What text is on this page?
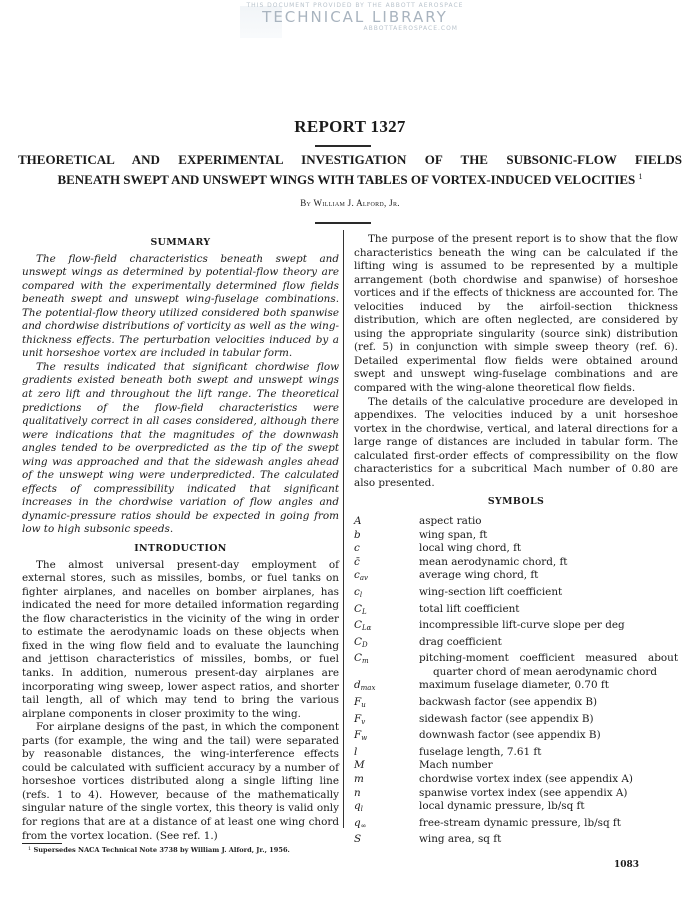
THIS DOCUMENT PROVIDED BY THE ABBOTT AEROSPACE
TECHNICAL LIBRARY
ABBOTTAEROSPACE.COM
REPORT 1327
THEORETICAL AND EXPERIMENTAL INVESTIGATION OF THE SUBSONIC-FLOW FIELDS
BENEATH SWEPT AND UNSWEPT WINGS WITH TABLES OF VORTEX-INDUCED VELOCITIES $^1$
By William J. Alford, Jr.
SUMMARY

The flow-field characteristics beneath swept and unswept wings as determined by potential-flow theory are compared with the experimentally determined flow fields beneath swept and unswept wing-fuselage combinations. The potential-flow theory utilized considered both spanwise and chordwise distributions of vorticity as well as the wing-thickness effects. The perturbation velocities induced by a unit horseshoe vortex are included in tabular form.

The results indicated that significant chordwise flow gradients existed beneath both swept and unswept wings at zero lift and throughout the lift range. The theoretical predictions of the flow-field characteristics were qualitatively correct in all cases considered, although there were indications that the magnitudes of the downwash angles tended to be overpredicted as the tip of the swept wing was approached and that the sidewash angles ahead of the unswept wing were underpredicted. The calculated effects of compressibility indicated that significant increases in the chordwise variation of flow angles and dynamic-pressure ratios should be expected in going from low to high subsonic speeds.

INTRODUCTION

The almost universal present-day employment of external stores, such as missiles, bombs, or fuel tanks on fighter airplanes, and nacelles on bomber airplanes, has indicated the need for more detailed information regarding the flow characteristics in the vicinity of the wing in order to estimate the aerodynamic loads on these objects when fixed in the wing flow field and to evaluate the launching and jettison characteristics of missiles, bombs, or fuel tanks. In addition, numerous present-day airplanes are incorporating wing sweep, lower aspect ratios, and shorter tail length, all of which may tend to bring the various airplane components in closer proximity to the wing.

For airplane designs of the past, in which the component parts (for example, the wing and the tail) were separated by reasonable distances, the wing-interference effects could be calculated with sufficient accuracy by a number of horseshoe vortices distributed along a single lifting line (refs. 1 to 4). However, because of the mathematically singular nature of the single vortex, this theory is valid only for regions that are at a distance of at least one wing chord from the vortex location. (See ref. 1.)

The purpose of the present report is to show that the flow characteristics beneath the wing can be calculated if the lifting wing is assumed to be represented by a multiple arrangement (both chordwise and spanwise) of horseshoe vortices and if the effects of thickness are accounted for. The velocities induced by the airfoil-section thickness distribution, which are often neglected, are considered by using the appropriate singularity (source sink) distribution (ref. 5) in conjunction with simple sweep theory (ref. 6). Detailed experimental flow fields were obtained around swept and unswept wing-fuselage combinations and are compared with the wing-alone theoretical flow fields.

The details of the calculative procedure are developed in appendixes. The velocities induced by a unit horseshoe vortex in the chordwise, vertical, and lateral directions for a large range of distances are included in tabular form. The calculated first-order effects of compressibility on the flow characteristics for a subcritical Mach number of 0.80 are also presented.

SYMBOLS
A	aspect ratio
b	wing span, ft
c	local wing chord, ft
c̄	mean aerodynamic chord, ft
$c_{av}$	average wing chord, ft
$c_l$	wing-section lift coefficient
$C_L$	total lift coefficient
$C_{L\alpha}$	incompressible lift-curve slope per deg
$C_D$	drag coefficient
$C_m$	pitching-moment coefficient measured about
quarter chord of mean aerodynamic chord
$d_{max}$	maximum fuselage diameter, 0.70 ft
$F_u$	backwash factor (see appendix B)
$F_v$	sidewash factor (see appendix B)
$F_w$	downwash factor (see appendix B)
l	fuselage length, 7.61 ft
M	Mach number
m	chordwise vortex index (see appendix A)
n	spanwise vortex index (see appendix A)
$q_l$	local dynamic pressure, lb/sq ft
$q_\infty$	free-stream dynamic pressure, lb/sq ft
S	wing area, sq ft
$^1$ Supersedes NACA Technical Note 3738 by William J. Alford, Jr., 1956.
1083
